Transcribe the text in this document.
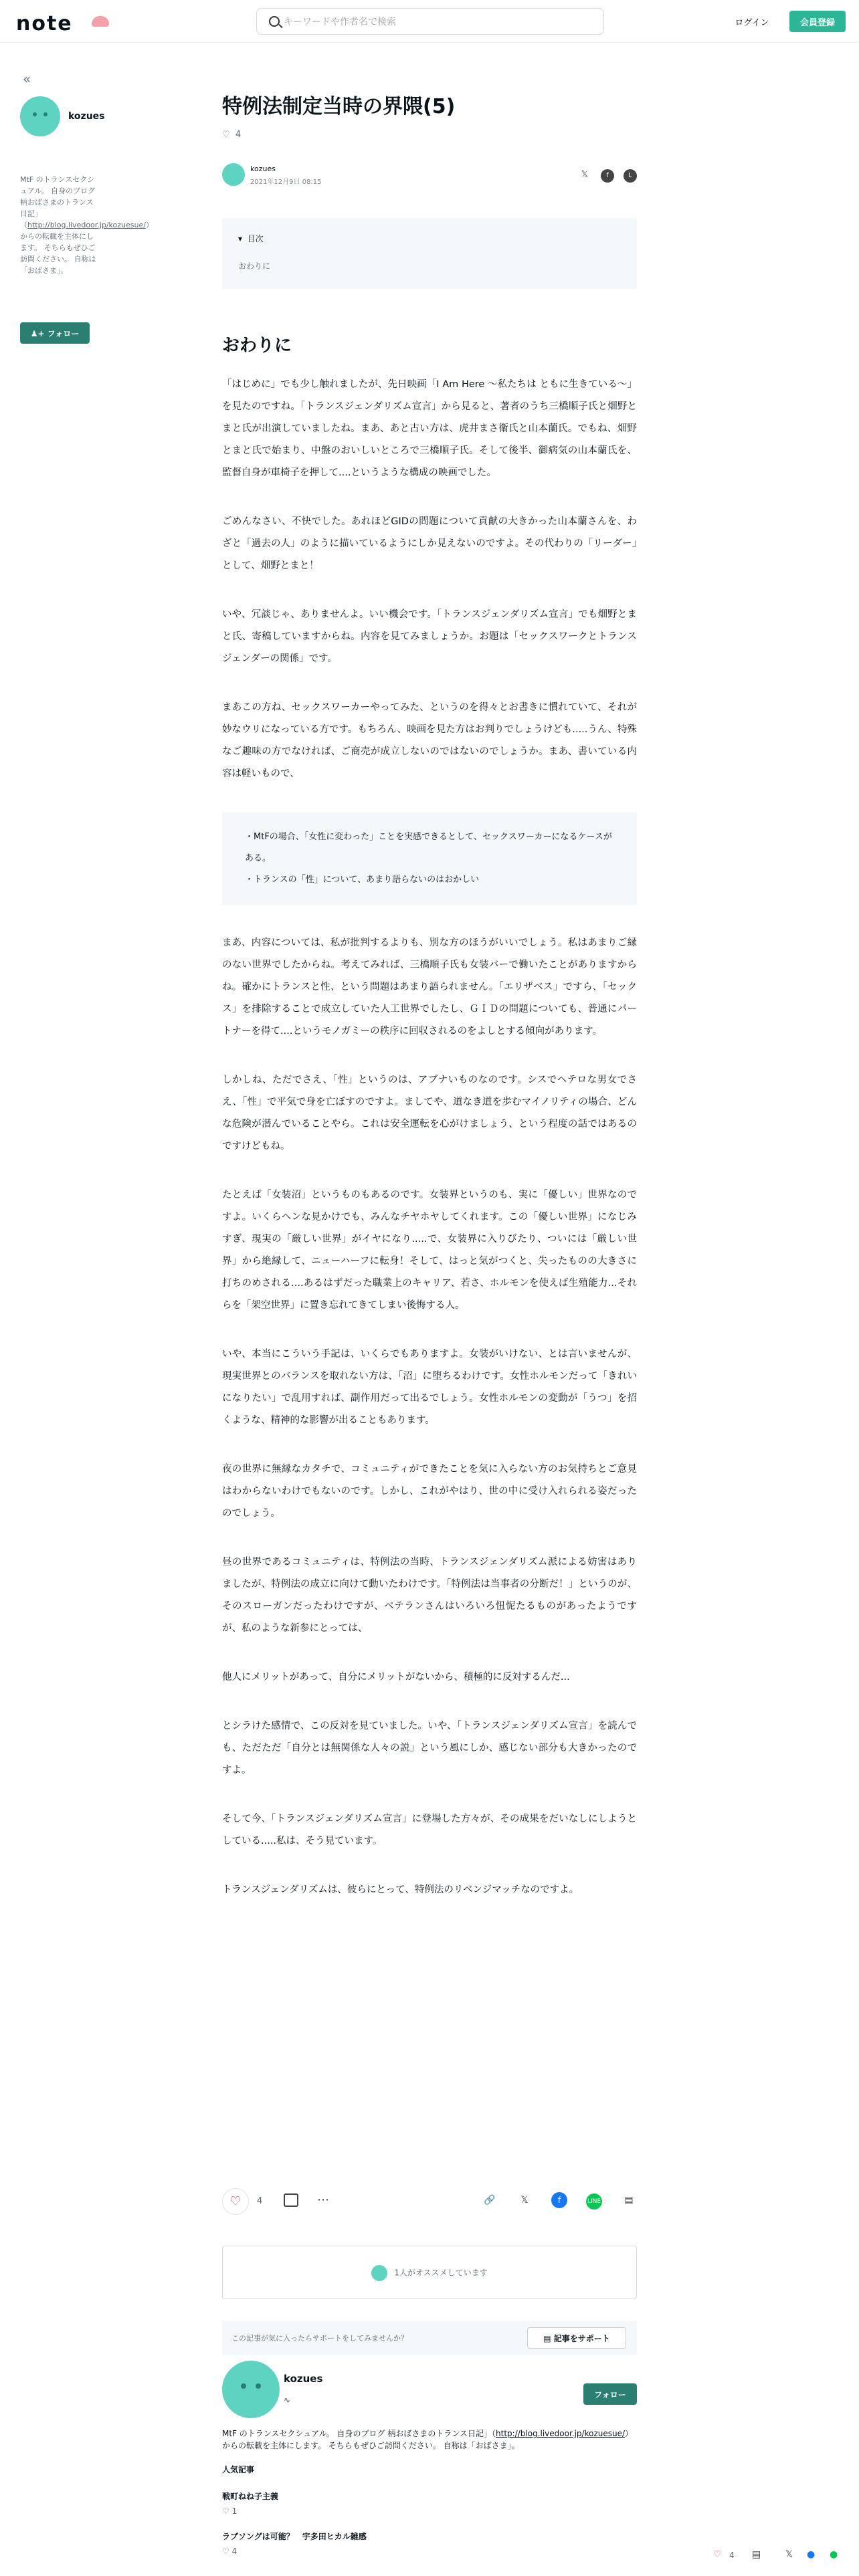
note
キーワードや作者名で検索	ログイン	会員登録
«
kozues
MtF のトランスセクシュアル。 自身のブログ 柄おばさまのトランス日記」（http://blog.livedoor.jp/kozuesue/）からの転載を主体にします。 そちらもぜひご訪問ください。 自称は「おばさま」。
♟+ フォロー
特例法制定当時の界隈(5)
♡ 4
kozues
2021年12月9日 08:15
𝕏	f	L
▾ 目次
おわりに
おわりに

「はじめに」でも少し触れましたが、先日映画「I Am Here ～私たちは ともに生きている～」を見たのですね。「トランスジェンダリズム宣言」から見ると、著者のうち三橋順子氏と畑野とまと氏が出演していましたね。まあ、あと古い方は、虎井まさ衛氏と山本蘭氏。でもね、畑野とまと氏で始まり、中盤のおいしいところで三橋順子氏。そして後半、御病気の山本蘭氏を、監督自身が車椅子を押して....というような構成の映画でした。

ごめんなさい、不快でした。あれほどGIDの問題について貢献の大きかった山本蘭さんを、わざと「過去の人」のように描いているようにしか見えないのですよ。その代わりの「リーダー」として、畑野とまと！

いや、冗談じゃ、ありませんよ。いい機会です。「トランスジェンダリズム宣言」でも畑野とまと氏、寄稿していますからね。内容を見てみましょうか。お題は「セックスワークとトランスジェンダーの関係」です。

まあこの方ね、セックスワーカーやってみた、というのを得々とお書きに慣れていて、それが妙なウリになっている方です。もちろん、映画を見た方はお判りでしょうけども.....うん、特殊なご趣味の方でなければ、ご商売が成立しないのではないのでしょうか。まあ、書いている内容は軽いもので、

・MtFの場合、「女性に変わった」ことを実感できるとして、セックスワーカーになるケースがある。
・トランスの「性」について、あまり語らないのはおかしい

まあ、内容については、私が批判するよりも、別な方のほうがいいでしょう。私はあまりご縁のない世界でしたからね。考えてみれば、三橋順子氏も女装バーで働いたことがありますからね。確かにトランスと性、という問題はあまり語られません。「エリザベス」ですら、「セックス」を排除することで成立していた人工世界でしたし、ＧＩＤの問題についても、普通にパートナーを得て....というモノガミーの秩序に回収されるのをよしとする傾向があります。

しかしね、ただでさえ、「性」というのは、アブナいものなのです。シスでヘテロな男女でさえ、「性」で平気で身を亡ぼすのですよ。ましてや、道なき道を歩むマイノリティの場合、どんな危険が潜んでいることやら。これは安全運転を心がけましょう、という程度の話ではあるのですけどもね。

たとえば「女装沼」というものもあるのです。女装界というのも、実に「優しい」世界なのですよ。いくらヘンな見かけでも、みんなチヤホヤしてくれます。この「優しい世界」になじみすぎ、現実の「厳しい世界」がイヤになり.....で、女装界に入りびたり、ついには「厳しい世界」から絶縁して、ニューハーフに転身！そして、はっと気がつくと、失ったものの大きさに打ちのめされる....あるはずだった職業上のキャリア、若さ、ホルモンを使えば生殖能力...それらを「架空世界」に置き忘れてきてしまい後悔する人。

いや、本当にこういう手記は、いくらでもありますよ。女装がいけない、とは言いませんが、現実世界とのバランスを取れない方は、「沼」に堕ちるわけです。女性ホルモンだって「きれいになりたい」で乱用すれば、副作用だって出るでしょう。女性ホルモンの変動が「うつ」を招くような、精神的な影響が出ることもあります。

夜の世界に無縁なカタチで、コミュニティができたことを気に入らない方のお気持ちとご意見はわからないわけでもないのです。しかし、これがやはり、世の中に受け入れられる姿だったのでしょう。

昼の世界であるコミュニティは、特例法の当時、トランスジェンダリズム派による妨害はありましたが、特例法の成立に向けて動いたわけです。「特例法は当事者の分断だ！」というのが、そのスローガンだったわけですが、ベテランさんはいろいろ忸怩たるものがあったようですが、私のような新参にとっては、

他人にメリットがあって、自分にメリットがないから、積極的に反対するんだ...

とシラけた感情で、この反対を見ていました。いや、「トランスジェンダリズム宣言」を読んでも、ただただ「自分とは無関係な人々の説」という風にしか、感じない部分も大きかったのですよ。

そして今、「トランスジェンダリズム宣言」に登場した方々が、その成果をだいなしにしようとしている.....私は、そう見ています。

トランスジェンダリズムは、彼らにとって、特例法のリベンジマッチなのですよ。

♡	4	⋯	🔗	𝕏	f	LINE	▤
1人がオススメしています
この記事が気に入ったらサポートをしてみませんか？	▤ 記事をサポート
kozues
∿
フォロー
MtF のトランスセクシュアル。 自身のブログ 柄おばさまのトランス日記」（http://blog.livedoor.jp/kozuesue/）からの転載を主体にします。 そちらもぜひご訪問ください。 自称は「おばさま」。
人気記事
戦町ねね子主義
♡ 1
ラブソングは可能？　宇多田ヒカル雑感
♡ 4	♡ 4 ▤	𝕏 ● ●
